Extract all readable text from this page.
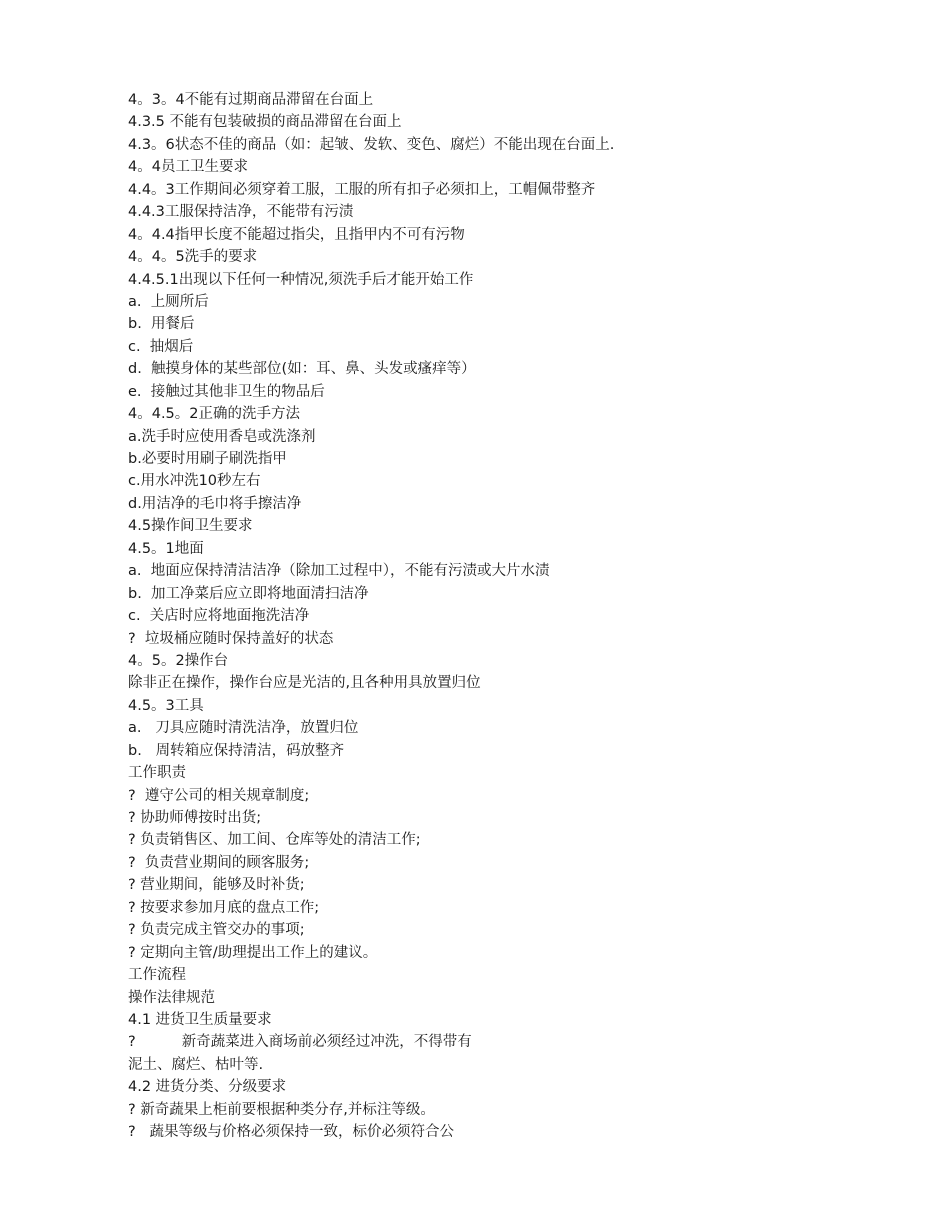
4。3。4不能有过期商品滞留在台面上
4.3.5 不能有包装破损的商品滞留在台面上
4.3。6状态不佳的商品（如：起皱、发软、变色、腐烂）不能出现在台面上.
4。4员工卫生要求
4.4。3工作期间必须穿着工服，工服的所有扣子必须扣上，工帽佩带整齐
4.4.3工服保持洁净，不能带有污渍
4。4.4指甲长度不能超过指尖，且指甲内不可有污物
4。4。5洗手的要求
4.4.5.1出现以下任何一种情况,须洗手后才能开始工作
a.  上厕所后
b.  用餐后
c.  抽烟后
d.  触摸身体的某些部位(如：耳、鼻、头发或瘙痒等）
e.  接触过其他非卫生的物品后
4。4.5。2正确的洗手方法
a.洗手时应使用香皂或洗涤剂
b.必要时用刷子刷洗指甲
c.用水冲洗10秒左右
d.用洁净的毛巾将手擦洁净
4.5操作间卫生要求
4.5。1地面
a.  地面应保持清洁洁净（除加工过程中），不能有污渍或大片水渍
b.  加工净菜后应立即将地面清扫洁净
c.  关店时应将地面拖洗洁净
?  垃圾桶应随时保持盖好的状态
4。5。2操作台
除非正在操作，操作台应是光洁的,且各种用具放置归位
4.5。3工具
a.   刀具应随时清洗洁净，放置归位
b.   周转箱应保持清洁，码放整齐
工作职责
?  遵守公司的相关规章制度;
? 协助师傅按时出货;
? 负责销售区、加工间、仓库等处的清洁工作;
?  负责营业期间的顾客服务;
? 营业期间，能够及时补货;
? 按要求参加月底的盘点工作;
? 负责完成主管交办的事项;
? 定期向主管/助理提出工作上的建议。
工作流程
操作法律规范
4.1 进货卫生质量要求
?          新奇蔬菜进入商场前必须经过冲洗，不得带有
泥土、腐烂、枯叶等.
4.2 进货分类、分级要求
? 新奇蔬果上柜前要根据种类分存,并标注等级。
?   蔬果等级与价格必须保持一致，标价必须符合公
